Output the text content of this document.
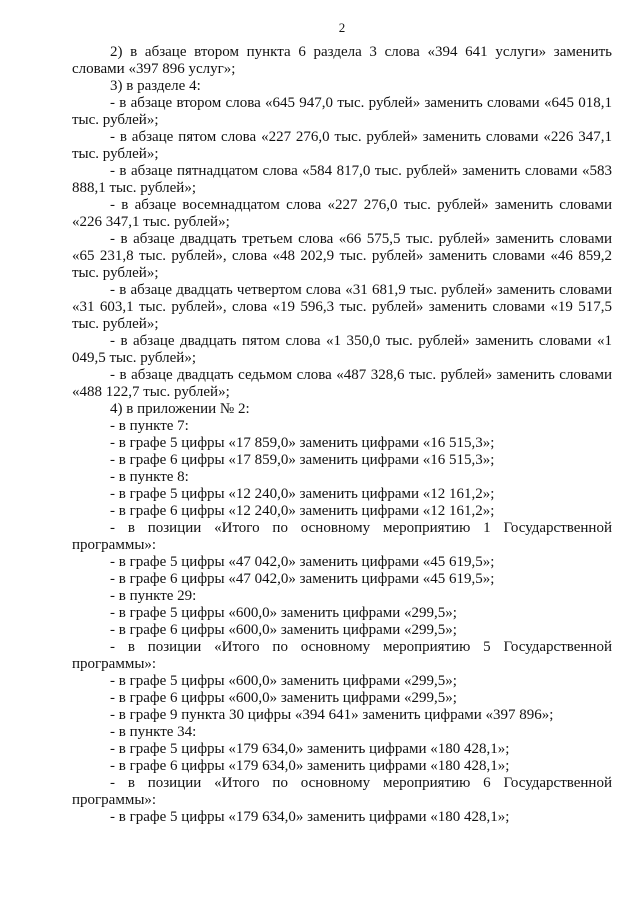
2

2) в абзаце втором пункта 6 раздела 3 слова «394 641 услуги» заменить словами «397 896 услуг»;

3) в разделе 4:

- в абзаце втором слова «645 947,0 тыс. рублей» заменить словами «645 018,1 тыс. рублей»;

- в абзаце пятом слова «227 276,0 тыс. рублей» заменить словами «226 347,1 тыс. рублей»;

- в абзаце пятнадцатом слова «584 817,0 тыс. рублей» заменить словами «583 888,1 тыс. рублей»;

- в абзаце восемнадцатом слова «227 276,0 тыс. рублей» заменить словами «226 347,1 тыс. рублей»;

- в абзаце двадцать третьем слова «66 575,5 тыс. рублей» заменить словами «65 231,8 тыс. рублей», слова «48 202,9 тыс. рублей» заменить словами «46 859,2 тыс. рублей»;

- в абзаце двадцать четвертом слова «31 681,9 тыс. рублей» заменить словами «31 603,1 тыс. рублей», слова «19 596,3 тыс. рублей» заменить словами «19 517,5 тыс. рублей»;

- в абзаце двадцать пятом слова «1 350,0 тыс. рублей» заменить словами «1 049,5 тыс. рублей»;

- в абзаце двадцать седьмом слова «487 328,6 тыс. рублей» заменить словами «488 122,7 тыс. рублей»;

4) в приложении № 2:

- в пункте 7:

- в графе 5 цифры «17 859,0» заменить цифрами «16 515,3»;

- в графе 6 цифры «17 859,0» заменить цифрами «16 515,3»;

- в пункте 8:

- в графе 5 цифры «12 240,0» заменить цифрами «12 161,2»;

- в графе 6 цифры «12 240,0» заменить цифрами «12 161,2»;

- в позиции «Итого по основному мероприятию 1 Государственной программы»:

- в графе 5 цифры «47 042,0» заменить цифрами «45 619,5»;

- в графе 6 цифры «47 042,0» заменить цифрами «45 619,5»;

- в пункте 29:

- в графе 5 цифры «600,0» заменить цифрами «299,5»;

- в графе 6 цифры «600,0» заменить цифрами «299,5»;

- в позиции «Итого по основному мероприятию 5 Государственной программы»:

- в графе 5 цифры «600,0» заменить цифрами «299,5»;

- в графе 6 цифры «600,0» заменить цифрами «299,5»;

- в графе 9 пункта 30 цифры «394 641» заменить цифрами «397 896»;

- в пункте 34:

- в графе 5 цифры «179 634,0» заменить цифрами «180 428,1»;

- в графе 6 цифры «179 634,0» заменить цифрами «180 428,1»;

- в позиции «Итого по основному мероприятию 6 Государственной программы»:

- в графе 5 цифры «179 634,0» заменить цифрами «180 428,1»;
